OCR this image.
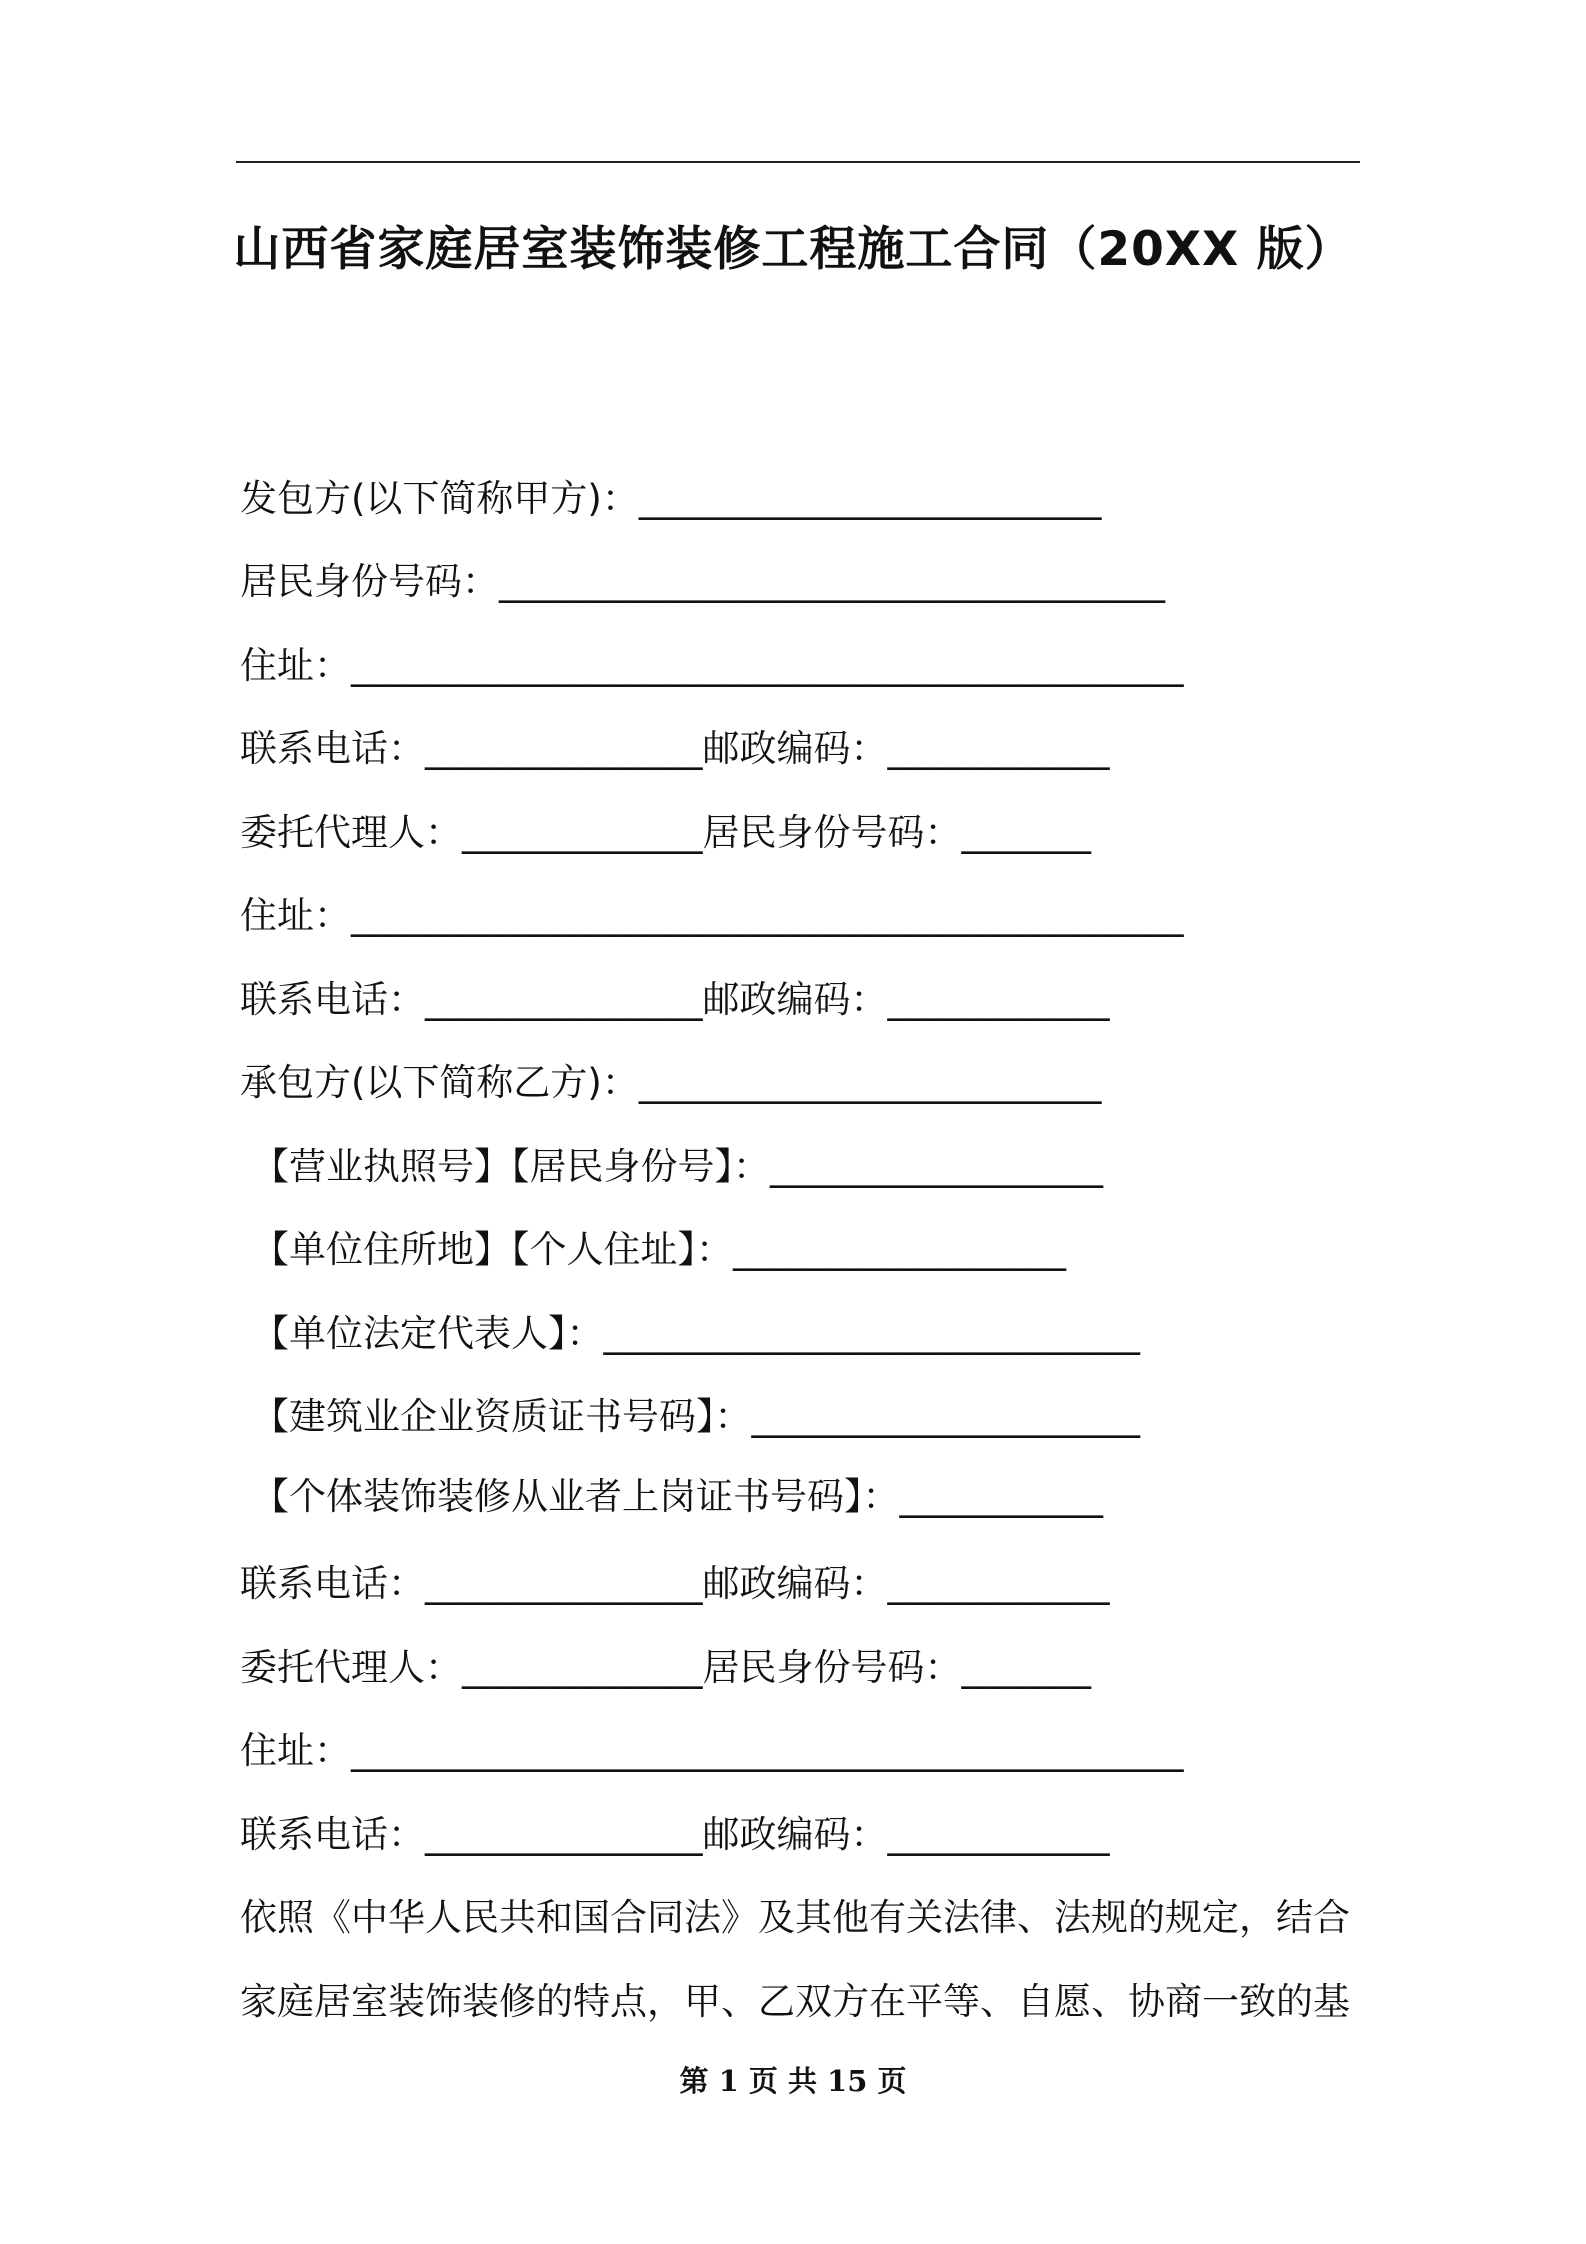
山西省家庭居室装饰装修工程施工合同（20XX 版）
发包方(以下简称甲方)：_________________________
居民身份号码：____________________________________
住址：_____________________________________________
联系电话：_______________邮政编码：____________
委托代理人：_____________居民身份号码：_______
住址：_____________________________________________
联系电话：_______________邮政编码：____________
承包方(以下简称乙方)：_________________________
【营业执照号】【居民身份号】：__________________
【单位住所地】【个人住址】：__________________
【单位法定代表人】：_____________________________
【建筑业企业资质证书号码】：_____________________
【个体装饰装修从业者上岗证书号码】：___________
联系电话：_______________邮政编码：____________
委托代理人：_____________居民身份号码：_______
住址：_____________________________________________
联系电话：_______________邮政编码：____________
依照《中华人民共和国合同法》及其他有关法律、法规的规定，结合
家庭居室装饰装修的特点，甲、乙双方在平等、自愿、协商一致的基
第 1 页 共 15 页
